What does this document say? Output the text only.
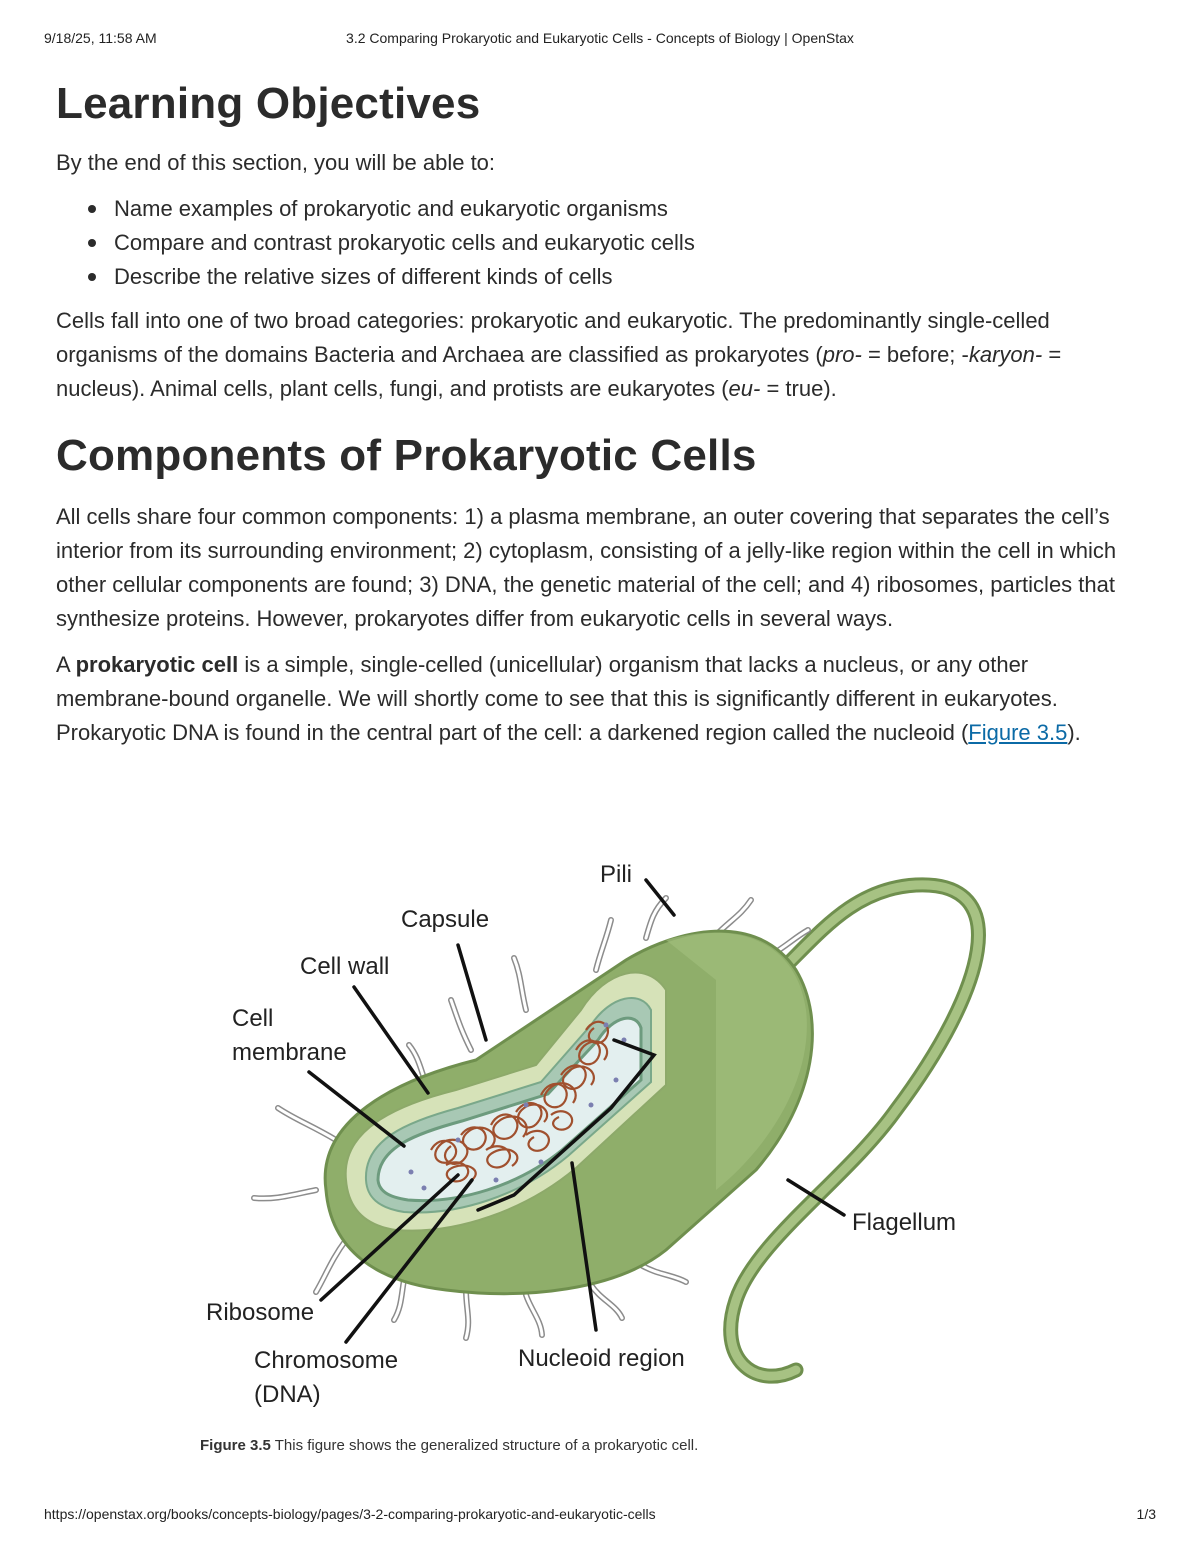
9/18/25, 11:58 AM	3.2 Comparing Prokaryotic and Eukaryotic Cells - Concepts of Biology | OpenStax
Learning Objectives

By the end of this section, you will be able to:

Name examples of prokaryotic and eukaryotic organisms
Compare and contrast prokaryotic cells and eukaryotic cells
Describe the relative sizes of different kinds of cells

Cells fall into one of two broad categories: prokaryotic and eukaryotic. The predominantly single-celled organisms of the domains Bacteria and Archaea are classified as prokaryotes (pro- = before; -karyon- = nucleus). Animal cells, plant cells, fungi, and protists are eukaryotes (eu- = true).

Components of Prokaryotic Cells

All cells share four common components: 1) a plasma membrane, an outer covering that separates the cell’s interior from its surrounding environment; 2) cytoplasm, consisting of a jelly-like region within the cell in which other cellular components are found; 3) DNA, the genetic material of the cell; and 4) ribosomes, particles that synthesize proteins. However, prokaryotes differ from eukaryotic cells in several ways.

A prokaryotic cell is a simple, single-celled (unicellular) organism that lacks a nucleus, or any other membrane-bound organelle. We will shortly come to see that this is significantly different in eukaryotes. Prokaryotic DNA is found in the central part of the cell: a darkened region called the nucleoid (Figure 3.5).

Pili
Capsule
Cell wall
Cell
membrane
Flagellum
Ribosome
Chromosome
(DNA)
Nucleoid region
Figure 3.5 This figure shows the generalized structure of a prokaryotic cell.
https://openstax.org/books/concepts-biology/pages/3-2-comparing-prokaryotic-and-eukaryotic-cells	1/3
